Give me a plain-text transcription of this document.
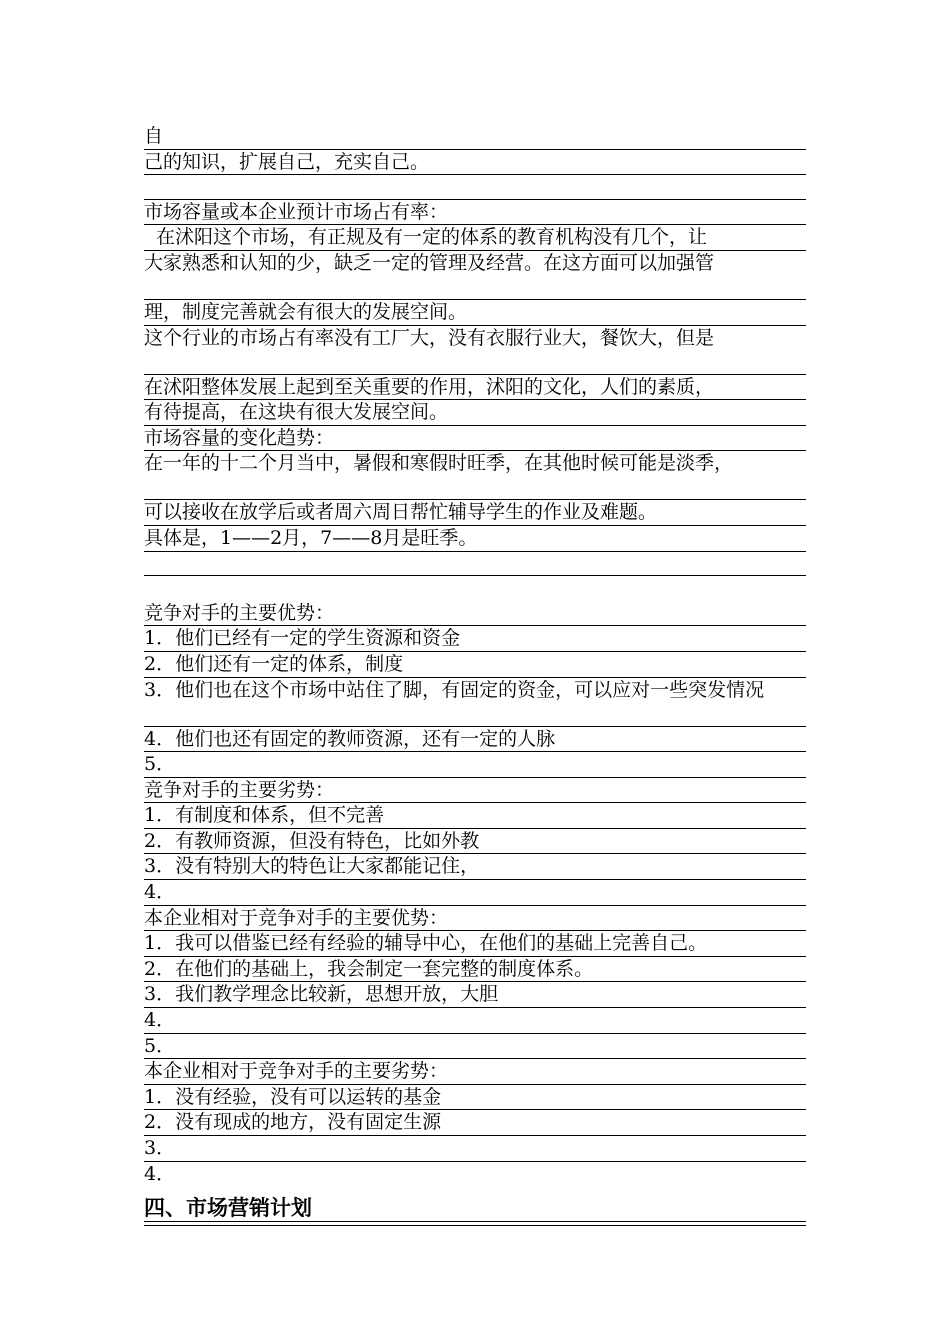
自
己的知识，扩展自己，充实自己。
市场容量或本企业预计市场占有率：
在沭阳这个市场，有正规及有一定的体系的教育机构没有几个，让
大家熟悉和认知的少，缺乏一定的管理及经营。在这方面可以加强管
理，制度完善就会有很大的发展空间。
这个行业的市场占有率没有工厂大，没有衣服行业大，餐饮大，但是
在沭阳整体发展上起到至关重要的作用，沭阳的文化，人们的素质，
有待提高，在这块有很大发展空间。
市场容量的变化趋势：
在一年的十二个月当中，暑假和寒假时旺季，在其他时候可能是淡季，
可以接收在放学后或者周六周日帮忙辅导学生的作业及难题。
具体是，1——2月，7——8月是旺季。
竞争对手的主要优势：
1．他们已经有一定的学生资源和资金
2．他们还有一定的体系，制度
3．他们也在这个市场中站住了脚，有固定的资金，可以应对一些突发情况
4．他们也还有固定的教师资源，还有一定的人脉
5．
竞争对手的主要劣势：
1．有制度和体系，但不完善
2．有教师资源，但没有特色，比如外教
3．没有特别大的特色让大家都能记住，
4．
本企业相对于竞争对手的主要优势：
1．我可以借鉴已经有经验的辅导中心，在他们的基础上完善自己。
2．在他们的基础上，我会制定一套完整的制度体系。
3．我们教学理念比较新，思想开放，大胆
4．
5．
本企业相对于竞争对手的主要劣势：
1．没有经验，没有可以运转的基金
2．没有现成的地方，没有固定生源
3．
4．
四、市场营销计划
